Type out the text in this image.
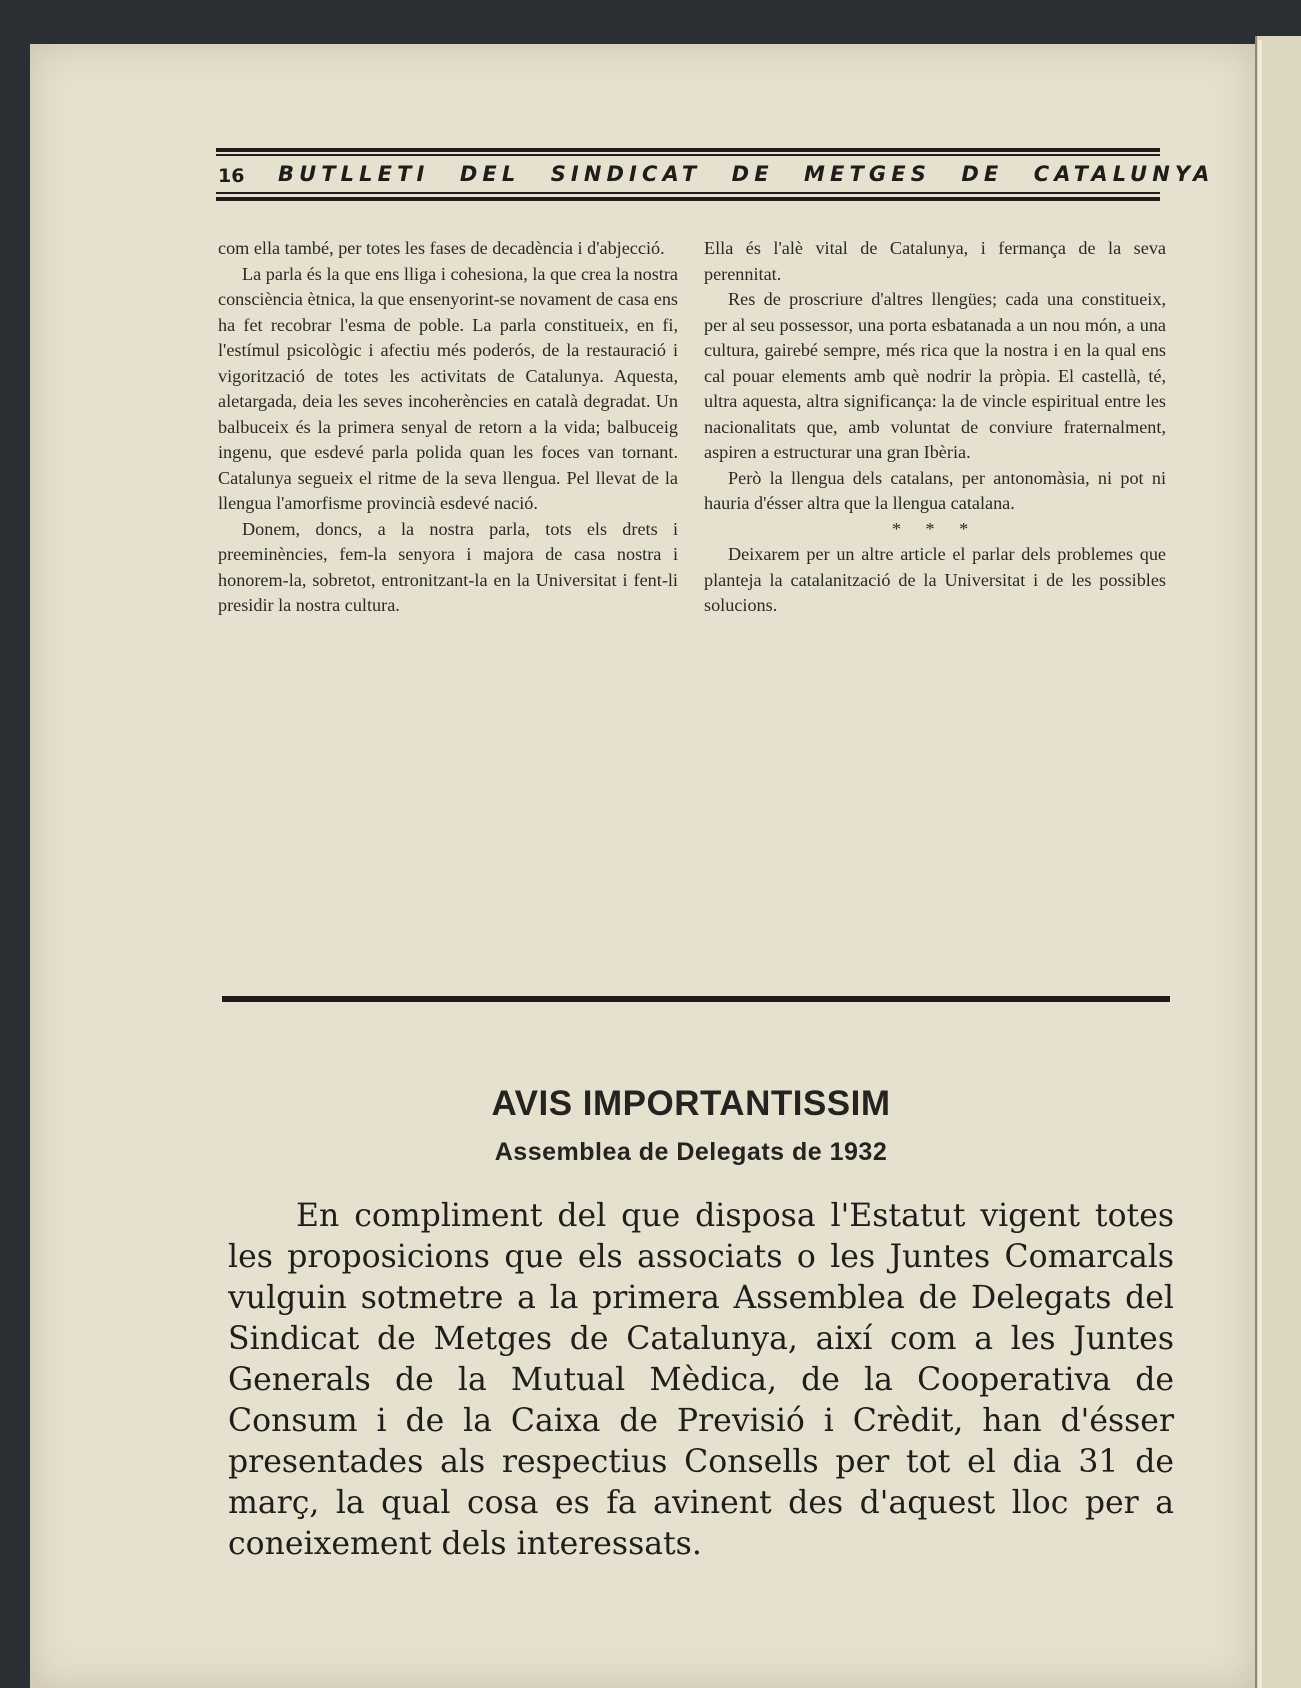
16 BUTLLETI DEL SINDICAT DE METGES DE CATALUNYA

com ella també, per totes les fases de decadència i d'abjecció.

La parla és la que ens lliga i cohesiona, la que crea la nostra consciència ètnica, la que ensenyorint-se novament de casa ens ha fet recobrar l'esma de poble. La parla constitueix, en fi, l'estímul psicològic i afectiu més poderós, de la restauració i vigorització de totes les activitats de Catalunya. Aquesta, aletargada, deia les seves incoherències en català degradat. Un balbuceix és la primera senyal de retorn a la vida; balbuceig ingenu, que esdevé parla polida quan les foces van tornant. Catalunya segueix el ritme de la seva llengua. Pel llevat de la llengua l'amorfisme provincià esdevé nació.

Donem, doncs, a la nostra parla, tots els drets i preeminències, fem-la senyora i majora de casa nostra i honorem-la, sobretot, entronitzant-la en la Universitat i fent-li presidir la nostra cultura.

Ella és l'alè vital de Catalunya, i fermança de la seva perennitat.

Res de proscriure d'altres llengües; cada una constitueix, per al seu possessor, una porta esbatanada a un nou món, a una cultura, gairebé sempre, més rica que la nostra i en la qual ens cal pouar elements amb què nodrir la pròpia. El castellà, té, ultra aquesta, altra significança: la de vincle espiritual entre les nacionalitats que, amb voluntat de conviure fraternalment, aspiren a estructurar una gran Ibèria.

Però la llengua dels catalans, per antonomàsia, ni pot ni hauria d'ésser altra que la llengua catalana.

* * *

Deixarem per un altre article el parlar dels problemes que planteja la catalanització de la Universitat i de les possibles solucions.

AVIS IMPORTANTISSIM
Assemblea de Delegats de 1932

En compliment del que disposa l'Estatut vigent totes les proposicions que els associats o les Juntes Comarcals vulguin sotmetre a la primera Assemblea de Delegats del Sindicat de Metges de Catalunya, així com a les Juntes Generals de la Mutual Mèdica, de la Cooperativa de Consum i de la Caixa de Previsió i Crèdit, han d'ésser presentades als respectius Consells per tot el dia 31 de març, la qual cosa es fa avinent des d'aquest lloc per a coneixement dels interessats.
